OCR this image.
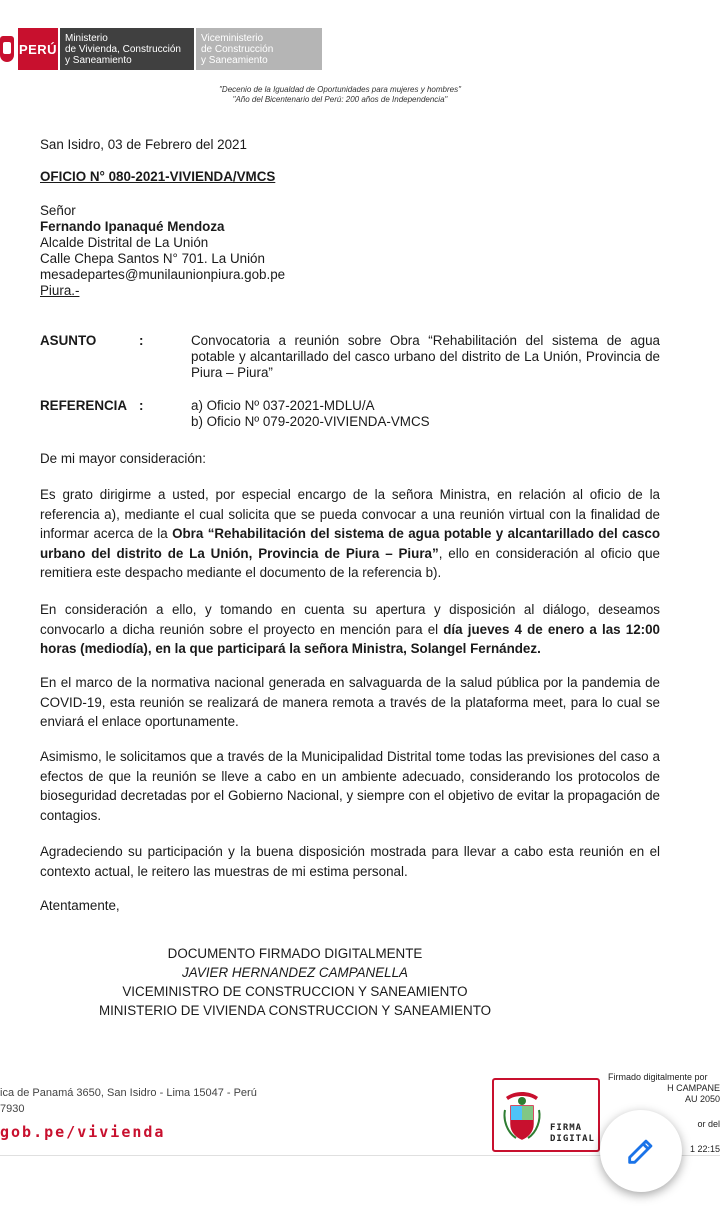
PERÚ
Ministerio
de Vivienda, Construcción
y Saneamiento
Viceministerio
de Construcción
y Saneamiento
"Decenio de la Igualdad de Oportunidades para mujeres y hombres"
"Año del Bicentenario del Perú: 200 años de Independencia"
San Isidro, 03 de Febrero del 2021
OFICIO N° 080-2021-VIVIENDA/VMCS
Señor
Fernando Ipanaqué Mendoza
Alcalde Distrital de La Unión
Calle Chepa Santos N° 701. La Unión
mesadepartes@munilaunionpiura.gob.pe
Piura.-
ASUNTO	:	Convocatoria a reunión sobre Obra “Rehabilitación del sistema de agua potable y alcantarillado del casco urbano del distrito de La Unión, Provincia de Piura – Piura”
REFERENCIA :	a) Oficio Nº 037-2021-MDLU/A
b) Oficio Nº 079-2020-VIVIENDA-VMCS
De mi mayor consideración:
Es grato dirigirme a usted, por especial encargo de la señora Ministra, en relación al oficio de la referencia a), mediante el cual solicita que se pueda convocar a una reunión virtual con la finalidad de informar acerca de la Obra “Rehabilitación del sistema de agua potable y alcantarillado del casco urbano del distrito de La Unión, Provincia de Piura – Piura”, ello en consideración al oficio que remitiera este despacho mediante el documento de la referencia b).
En consideración a ello, y tomando en cuenta su apertura y disposición al diálogo, deseamos convocarlo a dicha reunión sobre el proyecto en mención para el día jueves 4 de enero a las 12:00 horas (mediodía), en la que participará la señora Ministra, Solangel Fernández.
En el marco de la normativa nacional generada en salvaguarda de la salud pública por la pandemia de COVID-19, esta reunión se realizará de manera remota a través de la plataforma meet, para lo cual se enviará el enlace oportunamente.
Asimismo, le solicitamos que a través de la Municipalidad Distrital tome todas las previsiones del caso a efectos de que la reunión se lleve a cabo en un ambiente adecuado, considerando los protocolos de bioseguridad decretadas por el Gobierno Nacional, y siempre con el objetivo de evitar la propagación de contagios.
Agradeciendo su participación y la buena disposición mostrada para llevar a cabo esta reunión en el contexto actual, le reitero las muestras de mi estima personal.
Atentamente,
DOCUMENTO FIRMADO DIGITALMENTE
JAVIER HERNANDEZ CAMPANELLA
VICEMINISTRO DE CONSTRUCCION Y SANEAMIENTO
MINISTERIO DE VIVIENDA CONSTRUCCION Y SANEAMIENTO
ica de Panamá 3650, San Isidro - Lima 15047 - Perú
7930
gob.pe/vivienda	FIRMA
DIGITAL
Firmado digitalmente por
H CAMPANE
AU 2050
or del
1 22:15
